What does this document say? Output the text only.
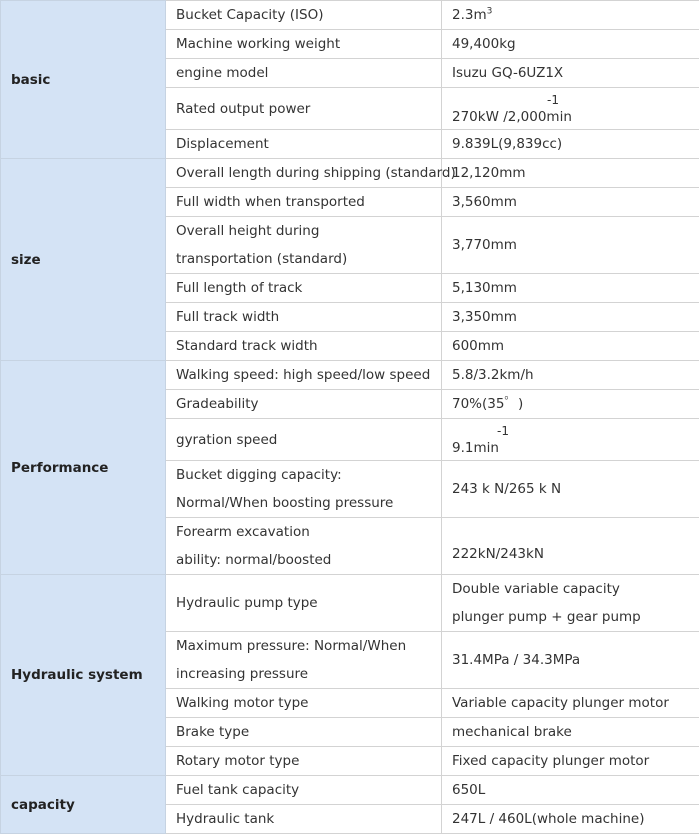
basic	Bucket Capacity (ISO)	$2.3m^3$
	Machine working weight	49,400kg
	engine model	Isuzu GQ-6UZ1X
	Rated output power	-1
270kW /2,000min

	Displacement	9.839L(9,839cc)
size	Overall length during shipping (standard)	12,120mm
	Full width when transported	3,560mm
	Overall height during transportation (standard)	3,770mm
	Full length of track	5,130mm
	Full track width	3,350mm
	Standard track width	600mm
Performance	Walking speed: high speed/low speed	5.8/3.2km/h
	Gradeability	70%(35゜)
	gyration speed	-1
9.1min

	Bucket digging capacity: Normal/When boosting pressure	243 k N/265 k N
	Forearm excavation ability: normal/boosted	222kN/243kN
Hydraulic system	Hydraulic pump type	Double variable capacity plunger pump + gear pump
	Maximum pressure: Normal/When increasing pressure	31.4MPa / 34.3MPa
	Walking motor type	Variable capacity plunger motor
	Brake type	mechanical brake
	Rotary motor type	Fixed capacity plunger motor
capacity	Fuel tank capacity	650L
	Hydraulic tank	247L / 460L(whole machine)
